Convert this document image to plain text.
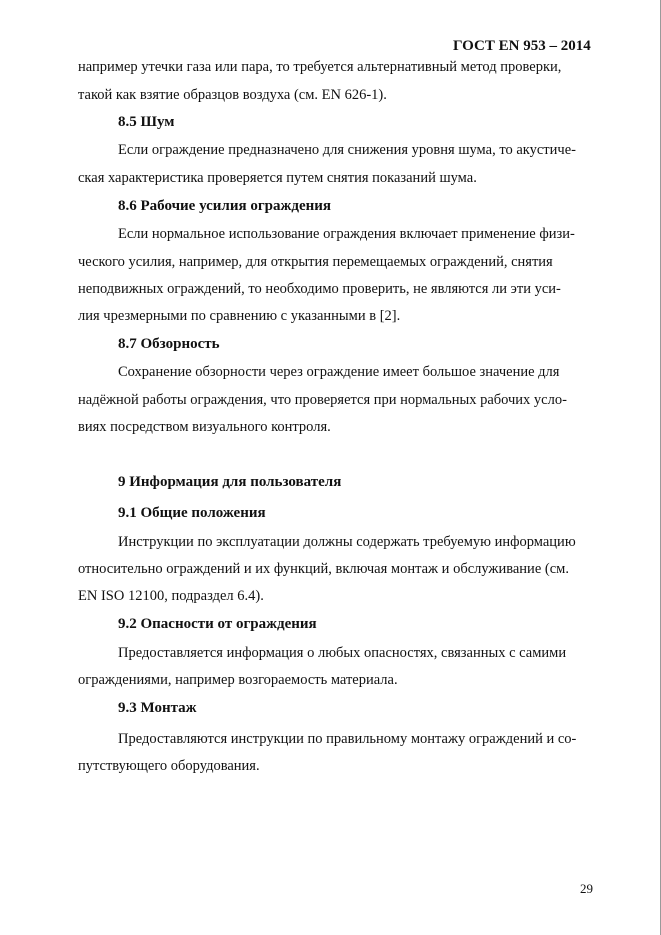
ГОСТ EN 953 – 2014
например утечки газа или пара, то требуется альтернативный метод проверки,
такой как взятие образцов воздуха (см. EN 626-1).
8.5 Шум
Если ограждение предназначено для снижения уровня шума, то акустиче-
ская характеристика проверяется путем снятия показаний шума.
8.6 Рабочие усилия ограждения
Если нормальное использование ограждения включает применение физи-
ческого усилия, например, для открытия перемещаемых ограждений, снятия
неподвижных ограждений, то необходимо проверить, не являются ли эти уси-
лия чрезмерными по сравнению с указанными в [2].
8.7 Обзорность
Сохранение обзорности через ограждение имеет большое значение для
надёжной работы ограждения, что проверяется при нормальных рабочих усло-
виях посредством визуального контроля.
9 Информация для пользователя
9.1 Общие положения
Инструкции по эксплуатации должны содержать требуемую информацию
относительно ограждений и их функций, включая монтаж и обслуживание (см.
EN ISO 12100, подраздел 6.4).
9.2 Опасности от ограждения
Предоставляется информация о любых опасностях, связанных с самими
ограждениями, например возгораемость материала.
9.3 Монтаж
Предоставляются инструкции по правильному монтажу ограждений и со-
путствующего оборудования.
29
